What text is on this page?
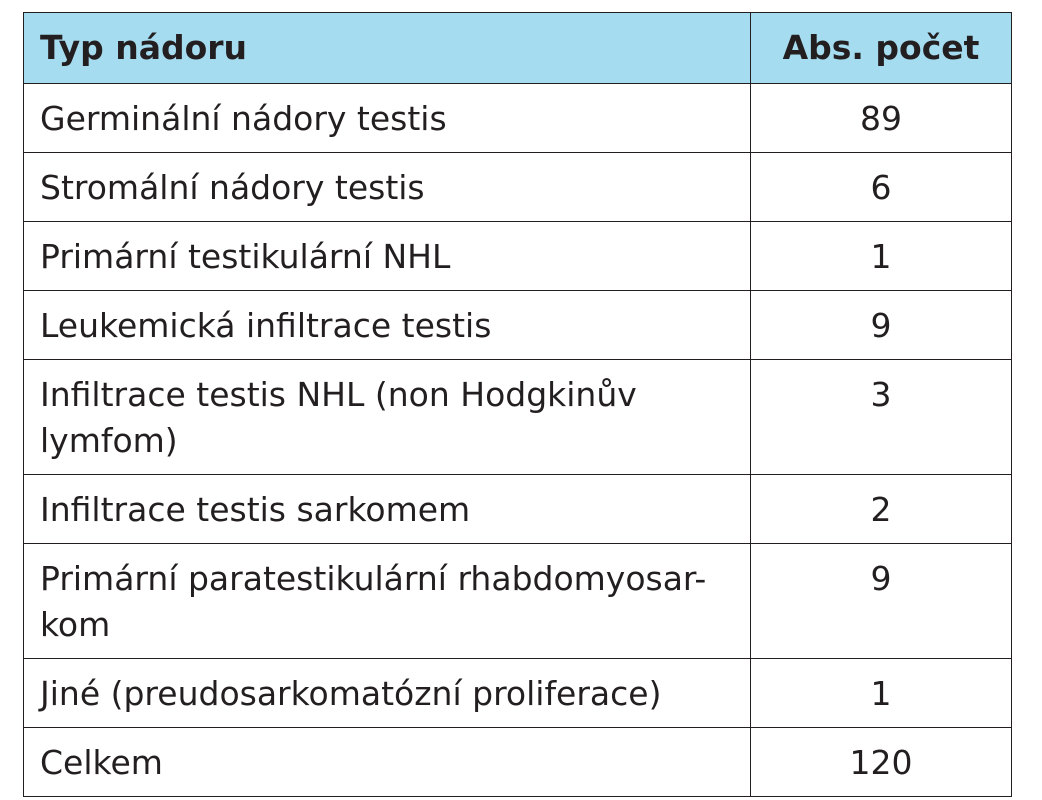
Typ nádoru	Abs. počet
Germinální nádory testis	89
Stromální nádory testis	6
Primární testikulární NHL	1
Leukemická infiltrace testis	9
Infiltrace testis NHL (non Hodgkinův lymfom)	3
Infiltrace testis sarkomem	2
Primární paratestikulární rhabdomyosar-kom	9
Jiné (preudosarkomatózní proliferace)	1
Celkem	120
